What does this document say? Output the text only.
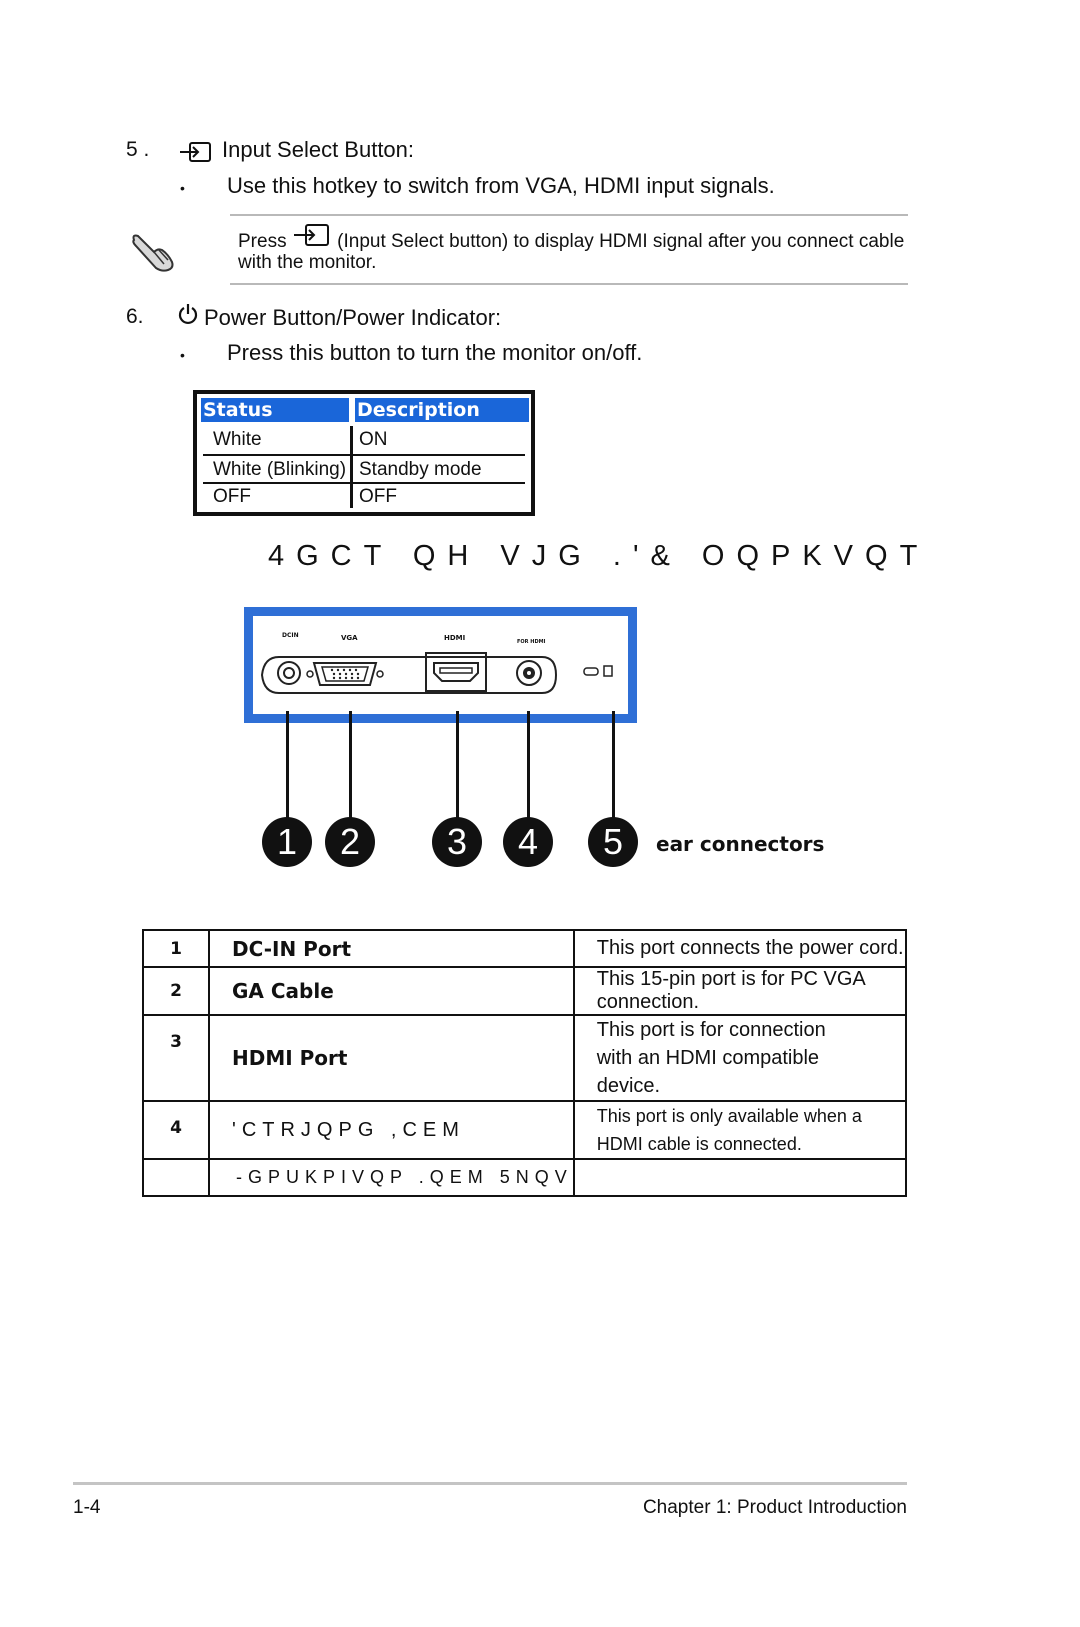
5 .	Input Select Button:
• Use this hotkey to switch from VGA, HDMI input signals.
Press	(Input Select button) to display HDMI signal after you connect cable
with the monitor.
6.	Power Button/Power Indicator:
• Press this button to turn the monitor on/off.
Status	Description
White	ON
White (Blinking) Standby mode
OFF	OFF
4GCT QH VJG .'& OQPKVQT
DCIN	VGA	HDMI	FOR HDMI
1	2	3	4	5	ear connectors
1	DC-IN Port	This port connects the power cord.
2	GA Cable	This 15-pin port is for PC VGA connection.
3	HDMI Port	This port is for connection with an HDMI compatible device.
4	'CTRJQPG ,CEM	This port is only available when a HDMI cable is connected.
	-GPUKPIVQP .QEM 5NQV	
1-4	Chapter 1: Product Introduction
